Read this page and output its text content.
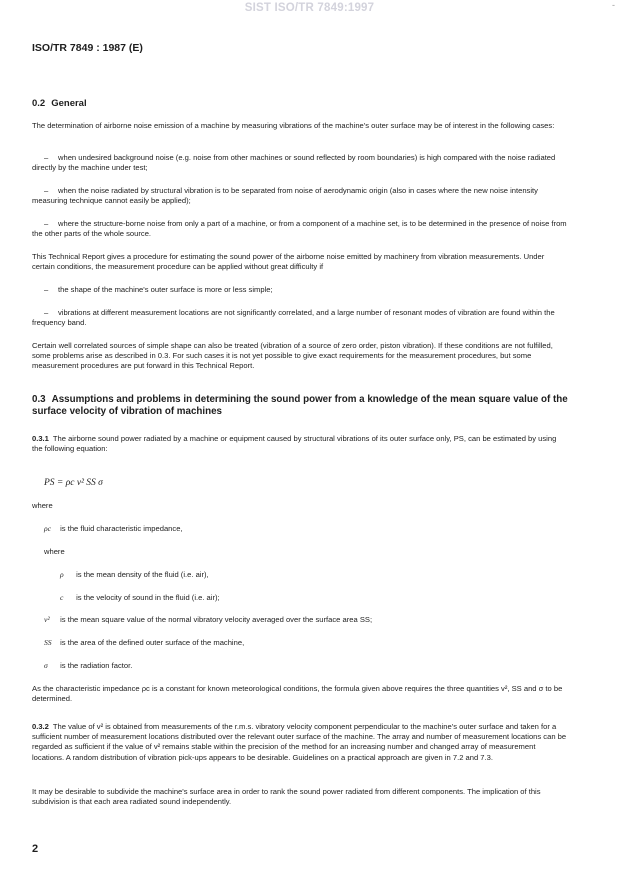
SIST ISO/TR 7849:1997	-
ISO/TR 7849 : 1987 (E)
0.2 General
The determination of airborne noise emission of a machine by measuring vibrations of the machine's outer surface may be of interest in the following cases:
– when undesired background noise (e.g. noise from other machines or sound reflected by room boundaries) is high compared with the noise radiated directly by the machine under test;
– when the noise radiated by structural vibration is to be separated from noise of aerodynamic origin (also in cases where the new noise intensity measuring technique cannot easily be applied);
– where the structure-borne noise from only a part of a machine, or from a component of a machine set, is to be determined in the presence of noise from the other parts of the whole source.
This Technical Report gives a procedure for estimating the sound power of the airborne noise emitted by machinery from vibration measurements. Under certain conditions, the measurement procedure can be applied without great difficulty if
– the shape of the machine's outer surface is more or less simple;
– vibrations at different measurement locations are not significantly correlated, and a large number of resonant modes of vibration are found within the frequency band.
Certain well correlated sources of simple shape can also be treated (vibration of a source of zero order, piston vibration). If these conditions are not fulfilled, some problems arise as described in 0.3. For such cases it is not yet possible to give exact requirements for the measurement procedures, but some measurement procedures are put forward in this Technical Report.
0.3 Assumptions and problems in determining the sound power from a knowledge of the mean square value of the surface velocity of vibration of machines
0.3.1 The airborne sound power radiated by a machine or equipment caused by structural vibrations of its outer surface only, PS, can be estimated by using the following equation:
PS = ρc v² SS σ
where
ρc is the fluid characteristic impedance,
where
ρ is the mean density of the fluid (i.e. air),
c is the velocity of sound in the fluid (i.e. air);
v² is the mean square value of the normal vibratory velocity averaged over the surface area SS;
SS is the area of the defined outer surface of the machine,
σ is the radiation factor.
As the characteristic impedance ρc is a constant for known meteorological conditions, the formula given above requires the three quantities v², SS and σ to be determined.
0.3.2 The value of v² is obtained from measurements of the r.m.s. vibratory velocity component perpendicular to the machine's outer surface and taken for a sufficient number of measurement locations distributed over the relevant outer surface of the machine. The array and number of measurement locations can be regarded as sufficient if the value of v² remains stable within the precision of the method for an increasing number and changed array of measurement locations. A random distribution of vibration pick-ups appears to be desirable. Guidelines on a practical approach are given in 7.2 and 7.3.
It may be desirable to subdivide the machine's surface area in order to rank the sound power radiated from different components. The implication of this subdivision is that each area radiated sound independently.
2
